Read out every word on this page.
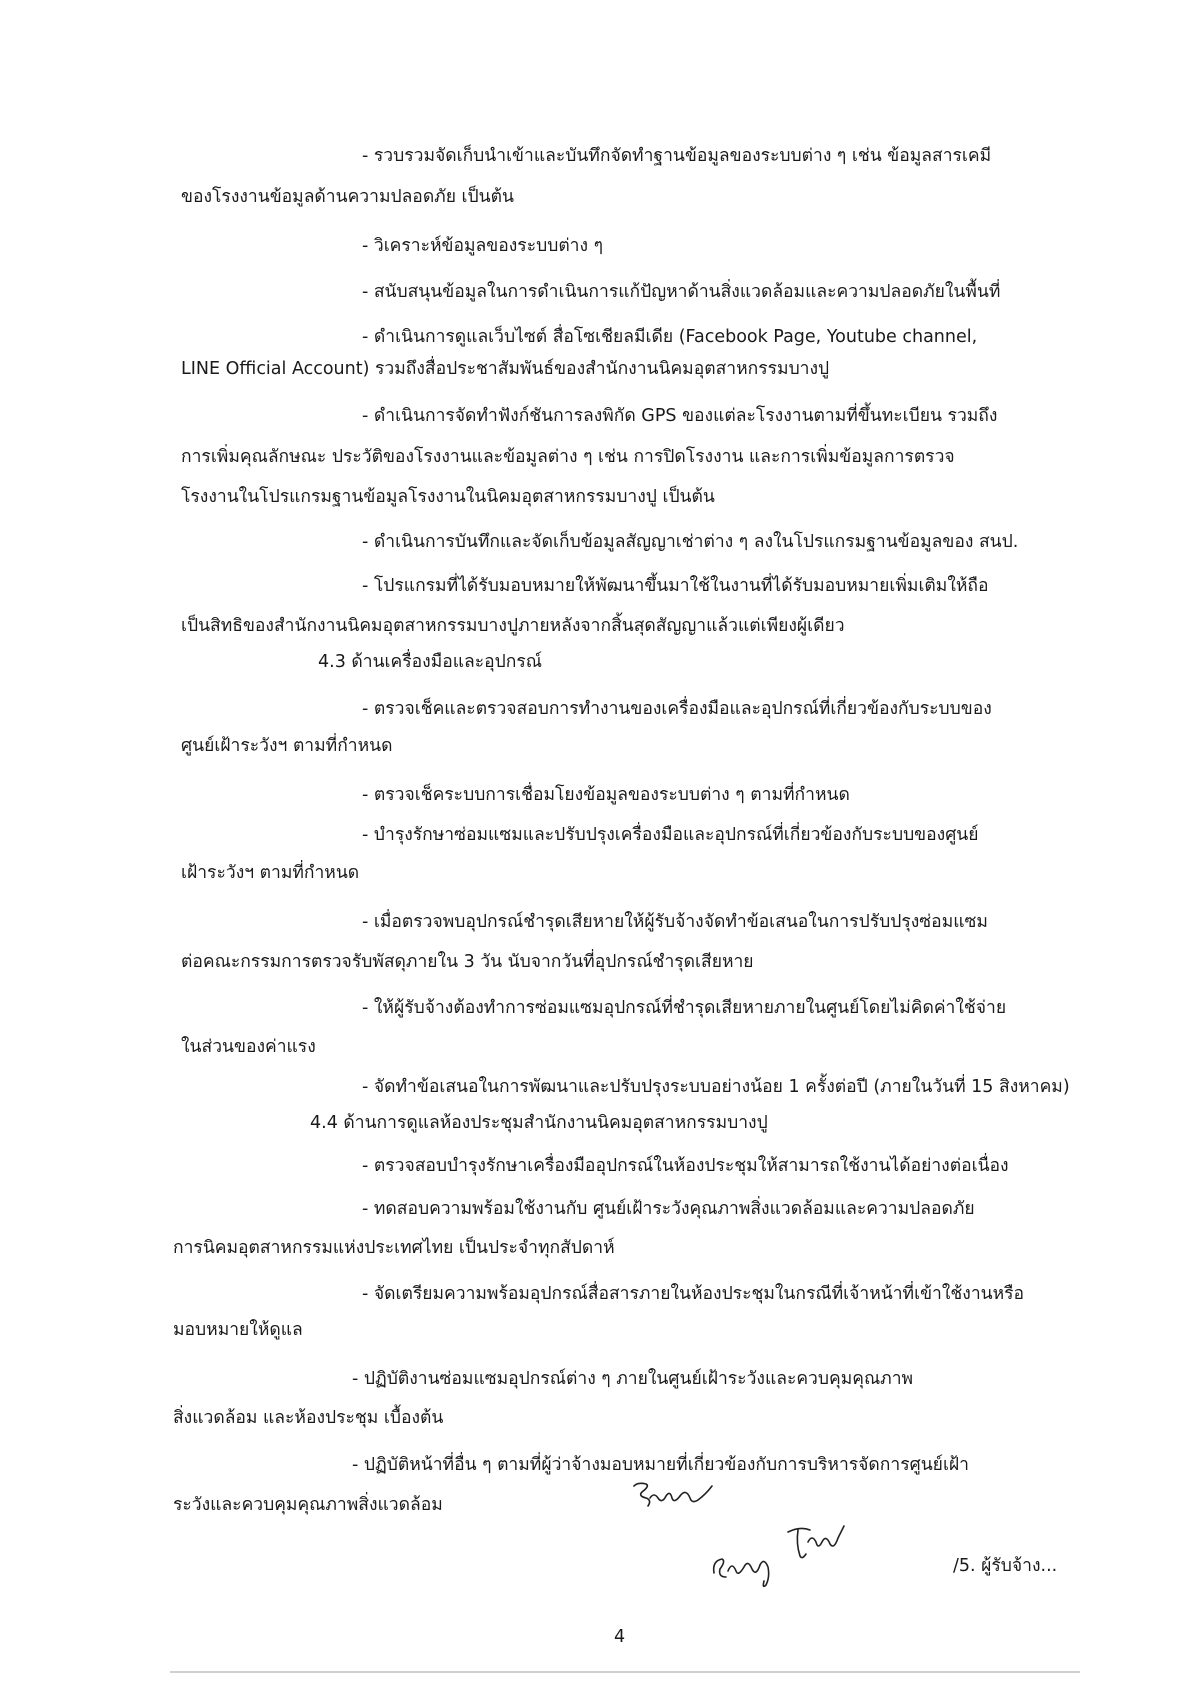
- รวบรวมจัดเก็บนำเข้าและบันทึกจัดทำฐานข้อมูลของระบบต่าง ๆ เช่น ข้อมูลสารเคมี
ของโรงงานข้อมูลด้านความปลอดภัย เป็นต้น
- วิเคราะห์ข้อมูลของระบบต่าง ๆ
- สนับสนุนข้อมูลในการดำเนินการแก้ปัญหาด้านสิ่งแวดล้อมและความปลอดภัยในพื้นที่
- ดำเนินการดูแลเว็บไซต์ สื่อโซเชียลมีเดีย (Facebook Page, Youtube channel,
LINE Official Account) รวมถึงสื่อประชาสัมพันธ์ของสำนักงานนิคมอุตสาหกรรมบางปู
- ดำเนินการจัดทำฟังก์ชันการลงพิกัด GPS ของแต่ละโรงงานตามที่ขึ้นทะเบียน รวมถึง
การเพิ่มคุณลักษณะ ประวัติของโรงงานและข้อมูลต่าง ๆ เช่น การปิดโรงงาน และการเพิ่มข้อมูลการตรวจ
โรงงานในโปรแกรมฐานข้อมูลโรงงานในนิคมอุตสาหกรรมบางปู เป็นต้น
- ดำเนินการบันทึกและจัดเก็บข้อมูลสัญญาเช่าต่าง ๆ ลงในโปรแกรมฐานข้อมูลของ สนป.
- โปรแกรมที่ได้รับมอบหมายให้พัฒนาขึ้นมาใช้ในงานที่ได้รับมอบหมายเพิ่มเติมให้ถือ
เป็นสิทธิของสำนักงานนิคมอุตสาหกรรมบางปูภายหลังจากสิ้นสุดสัญญาแล้วแต่เพียงผู้เดียว
4.3 ด้านเครื่องมือและอุปกรณ์
- ตรวจเช็คและตรวจสอบการทำงานของเครื่องมือและอุปกรณ์ที่เกี่ยวข้องกับระบบของ
ศูนย์เฝ้าระวังฯ ตามที่กำหนด
- ตรวจเช็คระบบการเชื่อมโยงข้อมูลของระบบต่าง ๆ ตามที่กำหนด
- บำรุงรักษาซ่อมแซมและปรับปรุงเครื่องมือและอุปกรณ์ที่เกี่ยวข้องกับระบบของศูนย์
เฝ้าระวังฯ ตามที่กำหนด
- เมื่อตรวจพบอุปกรณ์ชำรุดเสียหายให้ผู้รับจ้างจัดทำข้อเสนอในการปรับปรุงซ่อมแซม
ต่อคณะกรรมการตรวจรับพัสดุภายใน 3 วัน นับจากวันที่อุปกรณ์ชำรุดเสียหาย
- ให้ผู้รับจ้างต้องทำการซ่อมแซมอุปกรณ์ที่ชำรุดเสียหายภายในศูนย์โดยไม่คิดค่าใช้จ่าย
ในส่วนของค่าแรง
- จัดทำข้อเสนอในการพัฒนาและปรับปรุงระบบอย่างน้อย 1 ครั้งต่อปี (ภายในวันที่ 15 สิงหาคม)
4.4 ด้านการดูแลห้องประชุมสำนักงานนิคมอุตสาหกรรมบางปู
- ตรวจสอบบำรุงรักษาเครื่องมืออุปกรณ์ในห้องประชุมให้สามารถใช้งานได้อย่างต่อเนื่อง
- ทดสอบความพร้อมใช้งานกับ ศูนย์เฝ้าระวังคุณภาพสิ่งแวดล้อมและความปลอดภัย
การนิคมอุตสาหกรรมแห่งประเทศไทย เป็นประจำทุกสัปดาห์
- จัดเตรียมความพร้อมอุปกรณ์สื่อสารภายในห้องประชุมในกรณีที่เจ้าหน้าที่เข้าใช้งานหรือ
มอบหมายให้ดูแล
- ปฏิบัติงานซ่อมแซมอุปกรณ์ต่าง ๆ ภายในศูนย์เฝ้าระวังและควบคุมคุณภาพ
สิ่งแวดล้อม และห้องประชุม เบื้องต้น
- ปฏิบัติหน้าที่อื่น ๆ ตามที่ผู้ว่าจ้างมอบหมายที่เกี่ยวข้องกับการบริหารจัดการศูนย์เฝ้า
ระวังและควบคุมคุณภาพสิ่งแวดล้อม
/5. ผู้รับจ้าง...
4
